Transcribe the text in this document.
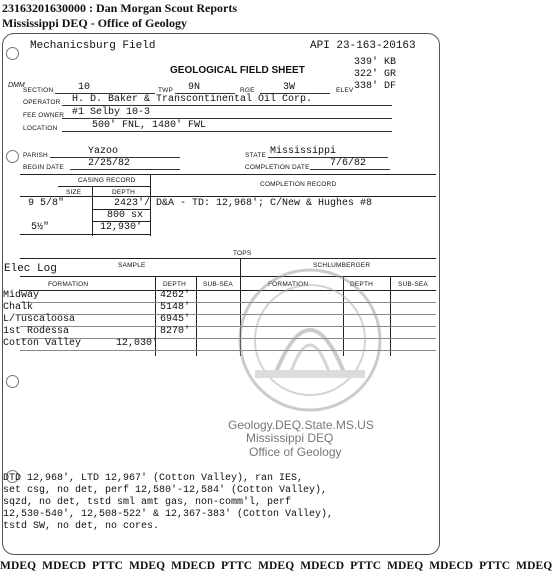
23163201630000 : Dan Morgan Scout Reports
Mississippi DEQ - Office of Geology
Mechanicsburg Field	API 23-163-20163
339' KB
322' GR
338' DF
GEOLOGICAL FIELD SHEET
DMM
SECTION 10	TWP 9N	RGE	3W	ELEV
OPERATOR H. D. Baker & Transcontinental Oil Corp.
FEE OWNER #1 Selby 10-3
LOCATION	500' FNL, 1480' FWL
PARISH	Yazoo	STATE Mississippi
BEGIN DATE 2/25/82	COMPLETION DATE 7/6/82
CASING RECORD
COMPLETION RECORD
SIZE	DEPTH
9 5/8"	2423'/
800 sx
5½"	12,930'
D&A - TD: 12,968'; C/New & Hughes #8
TOPS
Elec Log	SAMPLE	SCHLUMBERGER
FORMATION	DEPTH	SUB-SEA	FORMATION	DEPTH	SUB-SEA
Midway	4262'
Chalk	5148'
L/Tuscaloosa	6945'
1st Rodessa	8270'
Cotton Valley	12,030'
Geology.DEQ.State.MS.US
Mississippi DEQ
Office of Geology
DTD 12,968', LTD 12,967' (Cotton Valley), ran IES,
set csg, no det, perf 12,580'-12,584' (Cotton Valley),
sqzd, no det, tstd sml amt gas, non-comm'l, perf
12,530-540', 12,508-522' & 12,367-383' (Cotton Valley),
tstd SW, no det, no cores.
MDEQ  MDECD  PTTC  MDEQ  MDECD  PTTC  MDEQ  MDECD  PTTC  MDEQ  MDECD  PTTC  MDEQ
